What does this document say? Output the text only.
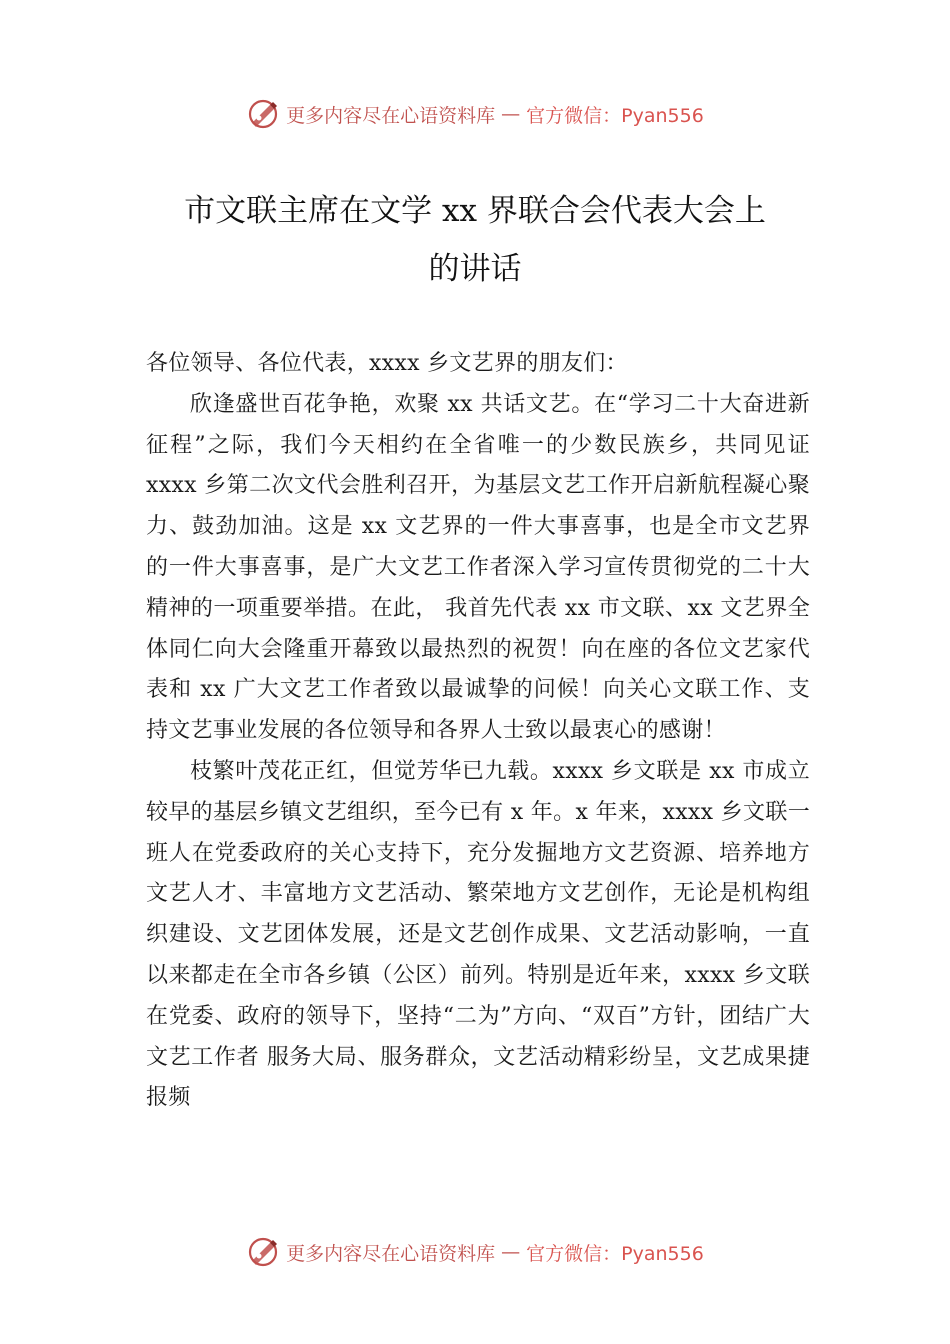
更多内容尽在心语资料库 — 官方微信：Pyan556
市文联主席在文学 xx 界联合会代表大会上
的讲话

各位领导、各位代表，xxxx 乡文艺界的朋友们：

欣逢盛世百花争艳，欢聚 xx 共话文艺。在“学习二十大奋进新征程”之际，我们今天相约在全省唯一的少数民族乡，共同见证 xxxx 乡第二次文代会胜利召开，为基层文艺工作开启新航程凝心聚力、鼓劲加油。这是 xx 文艺界的一件大事喜事，也是全市文艺界的一件大事喜事，是广大文艺工作者深入学习宣传贯彻党的二十大精神的一项重要举措。在此， 我首先代表 xx 市文联、xx 文艺界全体同仁向大会隆重开幕致以最热烈的祝贺！向在座的各位文艺家代表和 xx 广大文艺工作者致以最诚挚的问候！向关心文联工作、支持文艺事业发展的各位领导和各界人士致以最衷心的感谢！

枝繁叶茂花正红，但觉芳华已九载。xxxx 乡文联是 xx 市成立较早的基层乡镇文艺组织，至今已有 x 年。x 年来，xxxx 乡文联一班人在党委政府的关心支持下，充分发掘地方文艺资源、培养地方文艺人才、丰富地方文艺活动、繁荣地方文艺创作，无论是机构组织建设、文艺团体发展，还是文艺创作成果、文艺活动影响，一直以来都走在全市各乡镇（公区）前列。特别是近年来，xxxx 乡文联在党委、政府的领导下，坚持“二为”方向、“双百”方针，团结广大文艺工作者 服务大局、服务群众，文艺活动精彩纷呈，文艺成果捷报频

更多内容尽在心语资料库 — 官方微信：Pyan556
